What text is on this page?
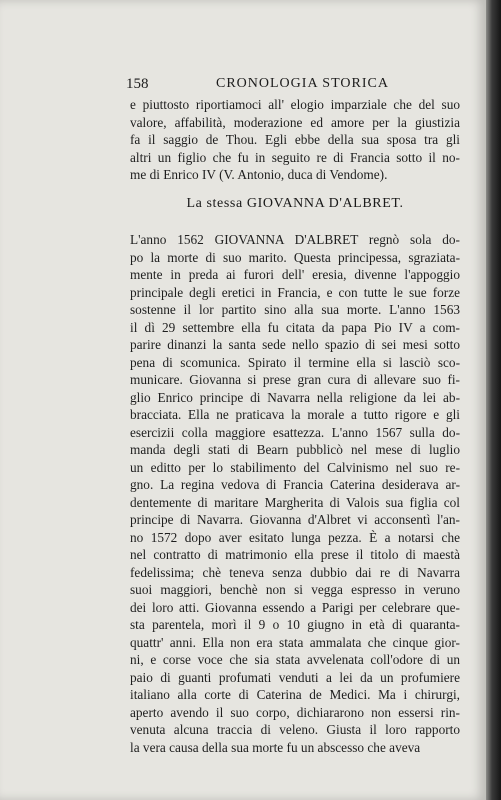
158	CRONOLOGIA STORICA
e piuttosto riportiamoci all' elogio imparziale che del suo
valore, affabilità, moderazione ed amore per la giustizia
fa il saggio de Thou. Egli ebbe della sua sposa tra gli
altri un figlio che fu in seguito re di Francia sotto il no-
me di Enrico IV (V. Antonio, duca di Vendome).
La stessa GIOVANNA D'ALBRET.
L'anno 1562 GIOVANNA D'ALBRET regnò sola do-
po la morte di suo marito. Questa principessa, sgraziata-
mente in preda ai furori dell' eresia, divenne l'appoggio
principale degli eretici in Francia, e con tutte le sue forze
sostenne il lor partito sino alla sua morte. L'anno 1563
il dì 29 settembre ella fu citata da papa Pio IV a com-
parire dinanzi la santa sede nello spazio di sei mesi sotto
pena di scomunica. Spirato il termine ella si lasciò sco-
municare. Giovanna si prese gran cura di allevare suo fi-
glio Enrico principe di Navarra nella religione da lei ab-
bracciata. Ella ne praticava la morale a tutto rigore e gli
esercizii colla maggiore esattezza. L'anno 1567 sulla do-
manda degli stati di Bearn pubblicò nel mese di luglio
un editto per lo stabilimento del Calvinismo nel suo re-
gno. La regina vedova di Francia Caterina desiderava ar-
dentemente di maritare Margherita di Valois sua figlia col
principe di Navarra. Giovanna d'Albret vi acconsentì l'an-
no 1572 dopo aver esitato lunga pezza. È a notarsi che
nel contratto di matrimonio ella prese il titolo di maestà
fedelissima; chè teneva senza dubbio dai re di Navarra
suoi maggiori, benchè non si vegga espresso in veruno
dei loro atti. Giovanna essendo a Parigi per celebrare que-
sta parentela, morì il 9 o 10 giugno in età di quaranta-
quattr' anni. Ella non era stata ammalata che cinque gior-
ni, e corse voce che sia stata avvelenata coll'odore di un
paio di guanti profumati venduti a lei da un profumiere
italiano alla corte di Caterina de Medici. Ma i chirurgi,
aperto avendo il suo corpo, dichiararono non essersi rin-
venuta alcuna traccia di veleno. Giusta il loro rapporto
la vera causa della sua morte fu un abscesso che aveva
